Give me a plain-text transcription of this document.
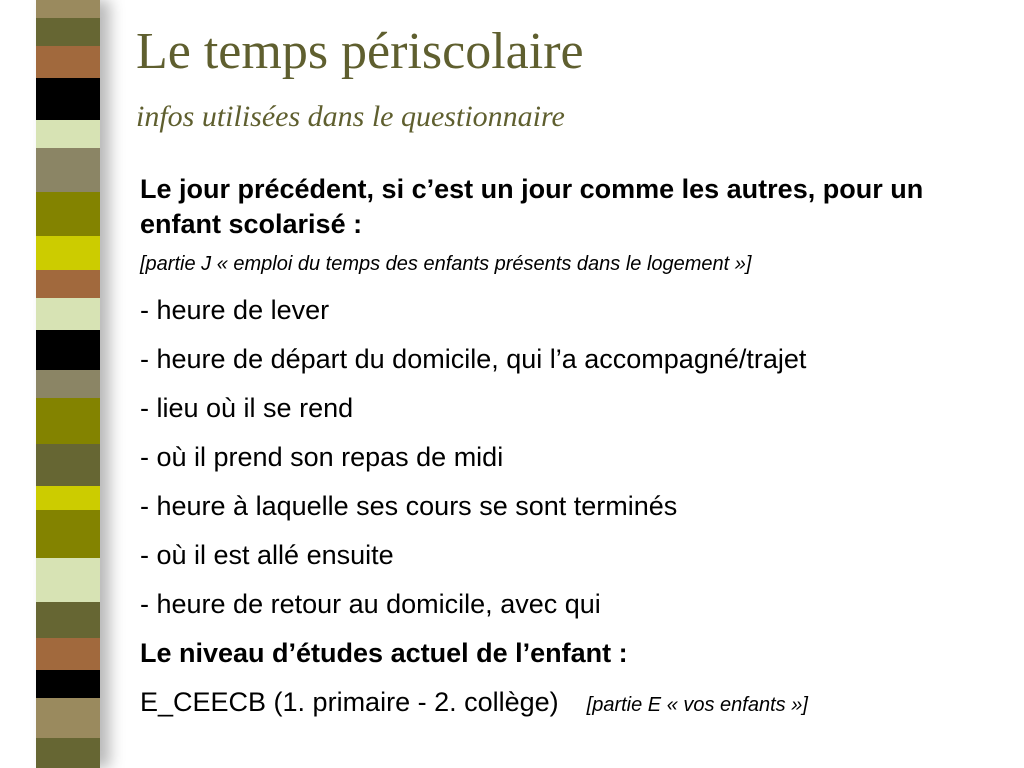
Le temps périscolaire

infos utilisées dans le questionnaire

Le jour précédent, si c’est un jour comme les autres, pour un enfant scolarisé :

[partie J « emploi du temps des enfants présents dans le logement »]

- heure de lever
- heure de départ du domicile, qui l’a accompagné/trajet
- lieu où il se rend
- où il prend son repas de midi
- heure à laquelle ses cours se sont terminés
- où il est allé ensuite
- heure de retour au domicile, avec qui

Le niveau d’études actuel de l’enfant :

E_CEECB (1. primaire - 2. collège) [partie E « vos enfants »]
